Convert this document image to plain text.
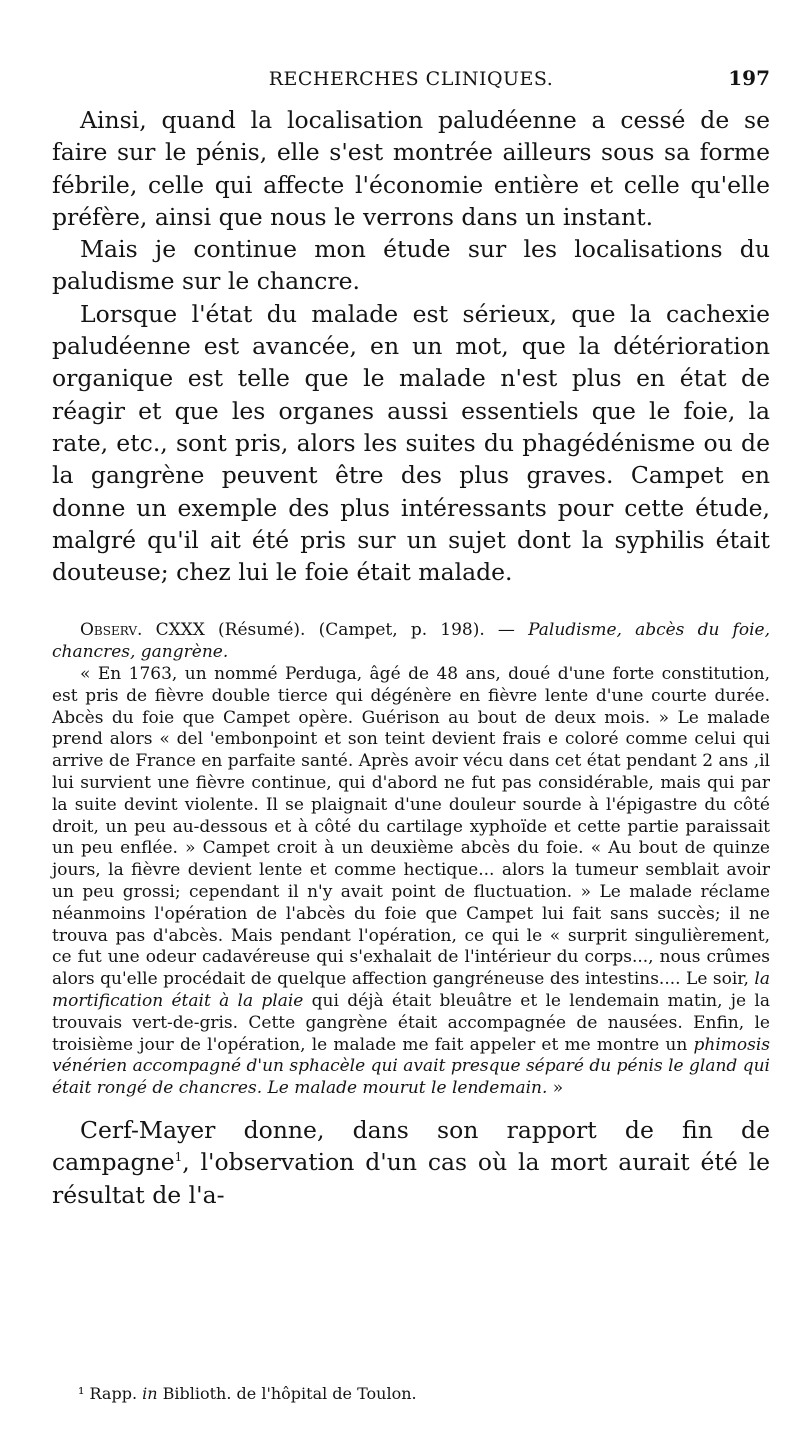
RECHERCHES CLINIQUES.	197

Ainsi, quand la localisation paludéenne a cessé de se faire sur le pénis, elle s'est montrée ailleurs sous sa forme fébrile, celle qui affecte l'économie entière et celle qu'elle préfère, ainsi que nous le verrons dans un instant.

Mais je continue mon étude sur les localisations du paludisme sur le chancre.

Lorsque l'état du malade est sérieux, que la cachexie paludéenne est avancée, en un mot, que la détérioration organique est telle que le malade n'est plus en état de réagir et que les organes aussi essentiels que le foie, la rate, etc., sont pris, alors les suites du phagédénisme ou de la gangrène peuvent être des plus graves. Campet en donne un exemple des plus intéressants pour cette étude, malgré qu'il ait été pris sur un sujet dont la syphilis était douteuse; chez lui le foie était malade.

Observ. CXXX (Résumé). (Campet, p. 198). — Paludisme, abcès du foie, chancres, gangrène.

« En 1763, un nommé Perduga, âgé de 48 ans, doué d'une forte constitution, est pris de fièvre double tierce qui dégénère en fièvre lente d'une courte durée. Abcès du foie que Campet opère. Guérison au bout de deux mois. » Le malade prend alors « del 'embonpoint et son teint devient frais e coloré comme celui qui arrive de France en parfaite santé. Après avoir vécu dans cet état pendant 2 ans ,il lui survient une fièvre continue, qui d'abord ne fut pas considérable, mais qui par la suite devint violente. Il se plaignait d'une douleur sourde à l'épigastre du côté droit, un peu au-dessous et à côté du cartilage xyphoïde et cette partie paraissait un peu enflée. » Campet croit à un deuxième abcès du foie. « Au bout de quinze jours, la fièvre devient lente et comme hectique... alors la tumeur semblait avoir un peu grossi; cependant il n'y avait point de fluctuation. » Le malade réclame néanmoins l'opération de l'abcès du foie que Campet lui fait sans succès; il ne trouva pas d'abcès. Mais pendant l'opération, ce qui le « surprit singulièrement, ce fut une odeur cadavéreuse qui s'exhalait de l'intérieur du corps..., nous crûmes alors qu'elle procédait de quelque affection gangréneuse des intestins.... Le soir, la mortification était à la plaie qui déjà était bleuâtre et le lendemain matin, je la trouvais vert-de-gris. Cette gangrène était accompagnée de nausées. Enfin, le troisième jour de l'opération, le malade me fait appeler et me montre un phimosis vénérien accompagné d'un sphacèle qui avait presque séparé du pénis le gland qui était rongé de chancres. Le malade mourut le lendemain. »

Cerf-Mayer donne, dans son rapport de fin de campagne$^1$, l'observation d'un cas où la mort aurait été le résultat de l'a-

¹ Rapp. in Biblioth. de l'hôpital de Toulon.
